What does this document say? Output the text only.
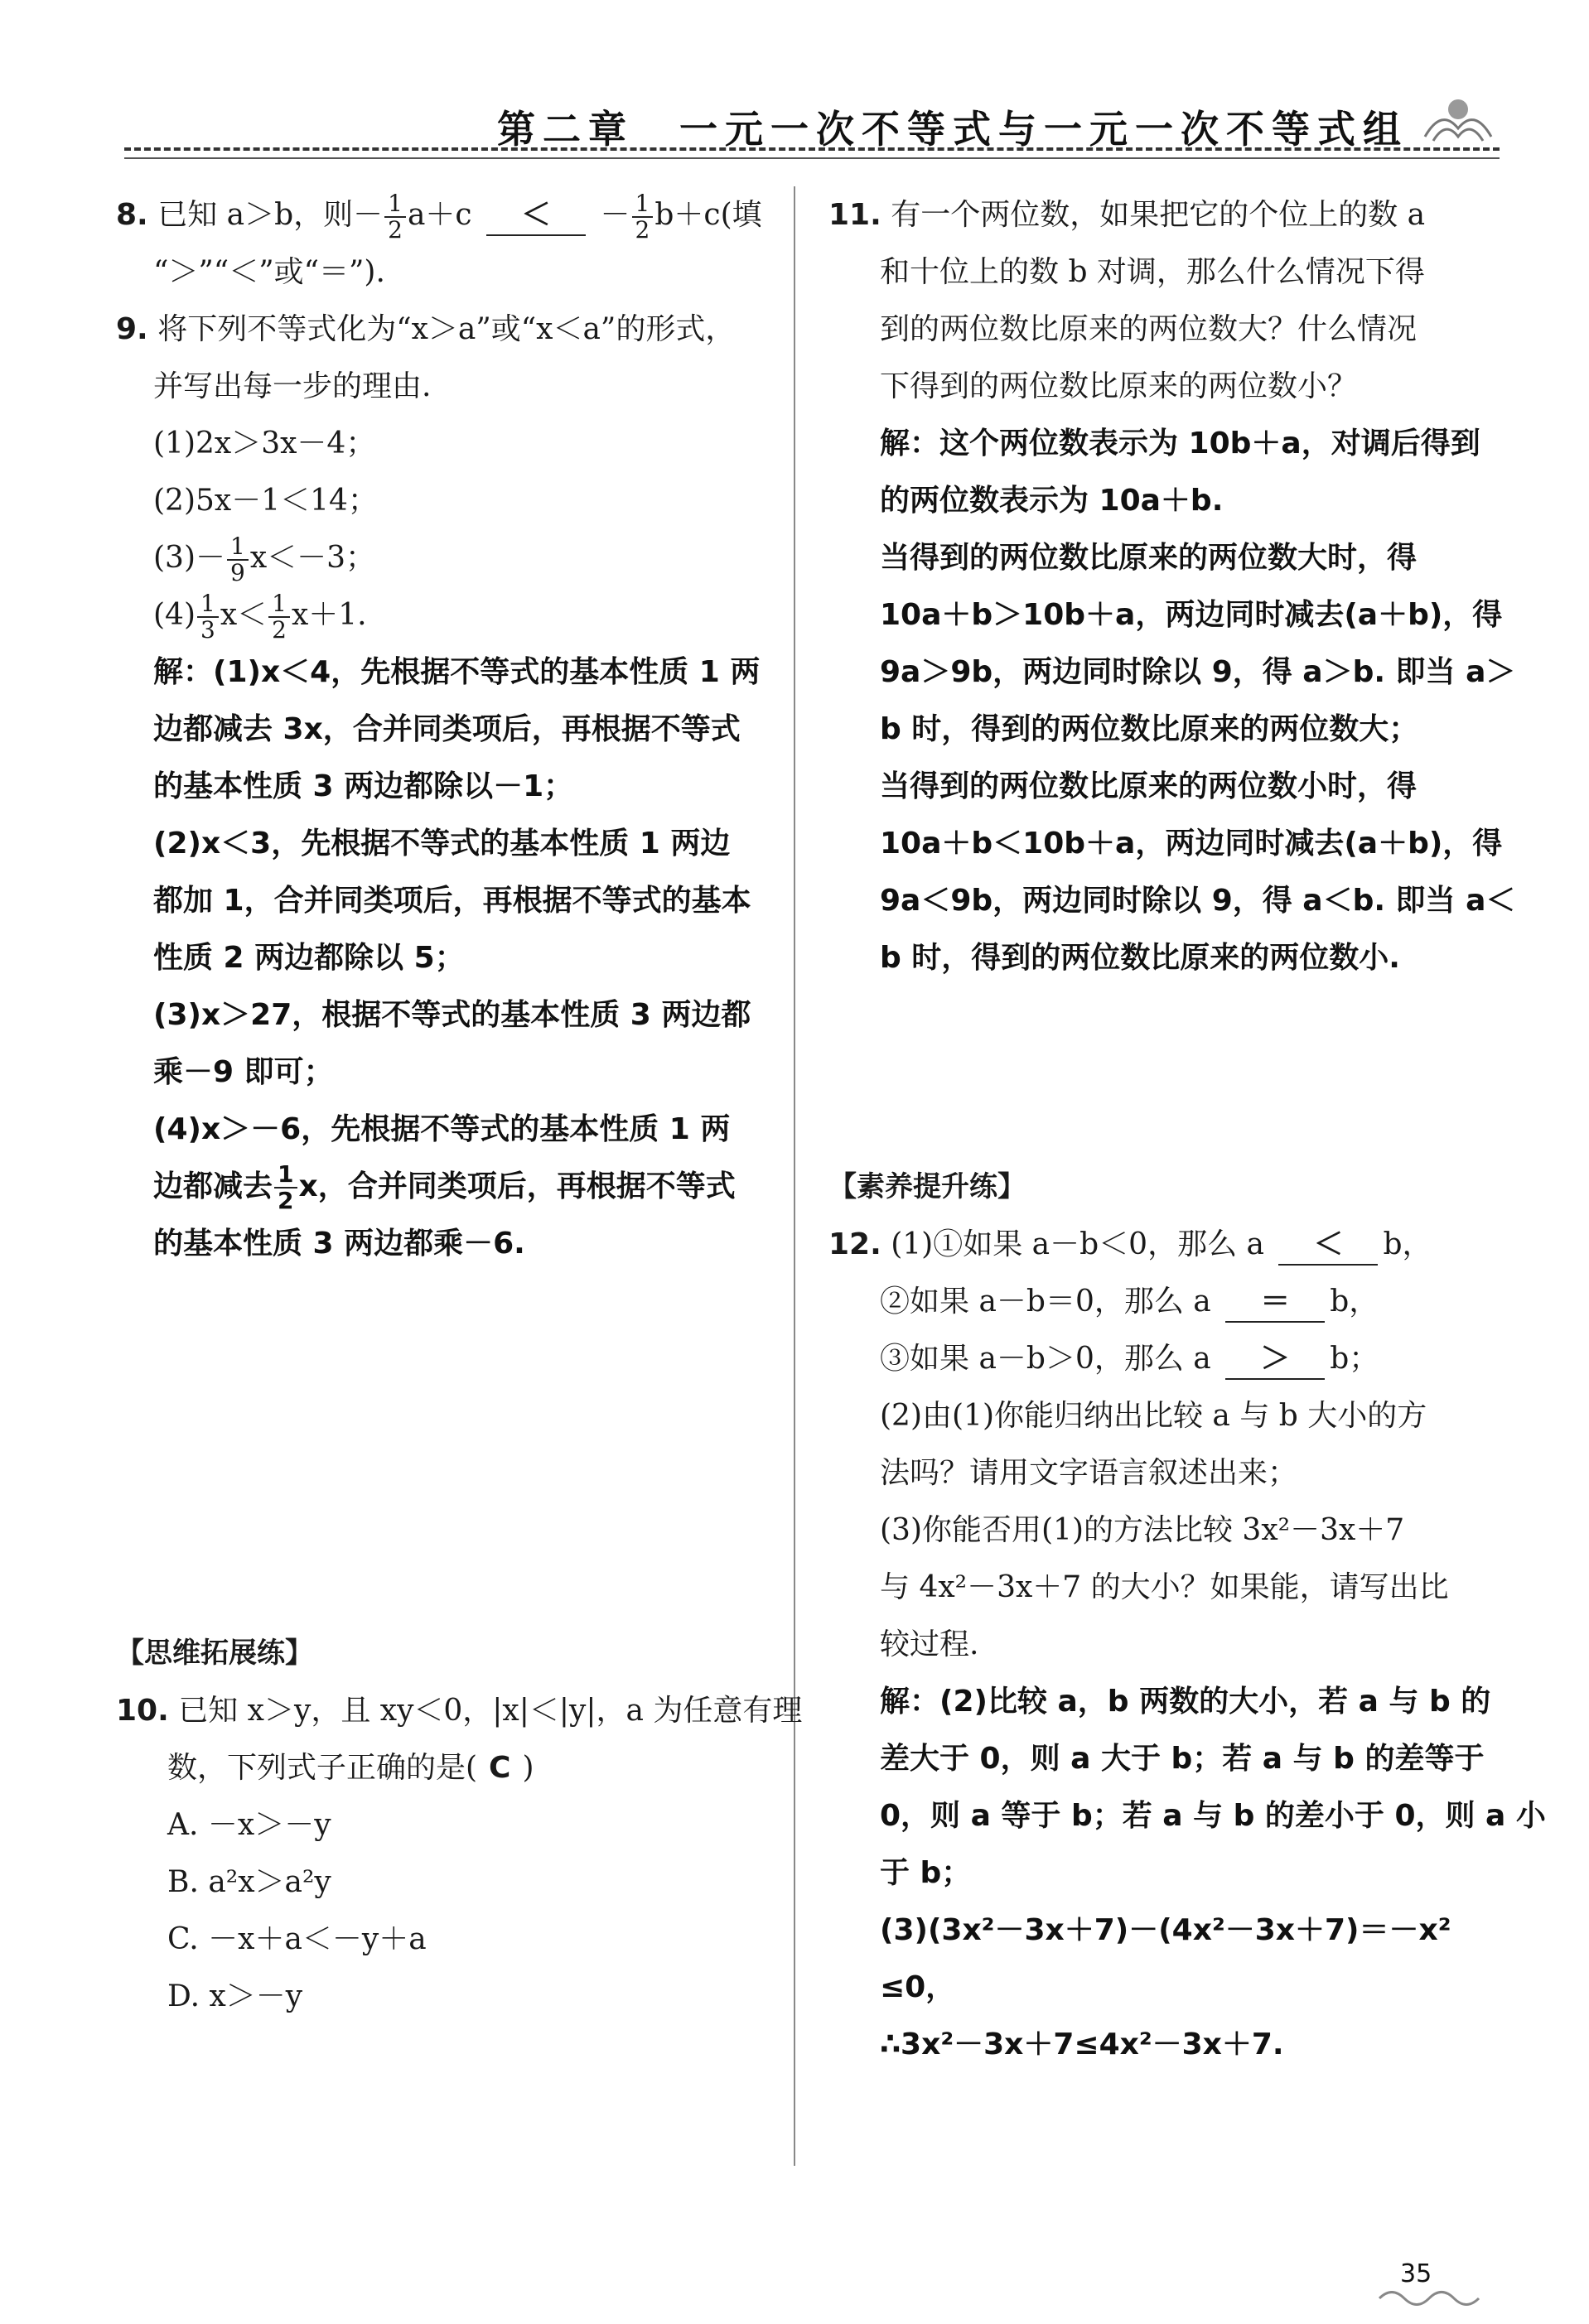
第二章　一元一次不等式与一元一次不等式组
8. 已知 a＞b，则－ $\frac{1}{2} a+c$ ＜ － $\frac{1}{2} b+c$(填
“＞”“＜”或“＝”).
9. 将下列不等式化为“x＞a”或“x＜a”的形式，
并写出每一步的理由.
(1)2x＞3x－4；
(2)5x－1＜14；
$(3)- \frac{1}{9} x<-3$；
$(4) \frac{1}{3} x< \frac{1}{2} x+1$.
解：(1)x＜4，先根据不等式的基本性质 1 两
边都减去 3x，合并同类项后，再根据不等式
的基本性质 3 两边都除以－1；
(2)x＜3，先根据不等式的基本性质 1 两边
都加 1，合并同类项后，再根据不等式的基本
性质 2 两边都除以 5；
(3)x＞27，根据不等式的基本性质 3 两边都
乘－9 即可；
(4)x＞－6，先根据不等式的基本性质 1 两
边都减去 $\frac{1}{2}$ x，合并同类项后，再根据不等式
的基本性质 3 两边都乘－6.
【思维拓展练】
10. 已知 x＞y，且 xy＜0，|x|＜|y|，a 为任意有理
数，下列式子正确的是( C )
A. －x＞－y
B. a²x＞a²y
C. －x＋a＜－y＋a
D. x＞－y
11. 有一个两位数，如果把它的个位上的数 a
和十位上的数 b 对调，那么什么情况下得
到的两位数比原来的两位数大？什么情况
下得到的两位数比原来的两位数小？
解：这个两位数表示为 10b＋a，对调后得到
的两位数表示为 10a＋b.
当得到的两位数比原来的两位数大时，得
10a＋b＞10b＋a，两边同时减去(a＋b)，得
9a＞9b，两边同时除以 9，得 a＞b. 即当 a＞
b 时，得到的两位数比原来的两位数大；
当得到的两位数比原来的两位数小时，得
10a＋b＜10b＋a，两边同时减去(a＋b)，得
9a＜9b，两边同时除以 9，得 a＜b. 即当 a＜
b 时，得到的两位数比原来的两位数小.
【素养提升练】
12. (1)①如果 a－b＜0，那么 a ＜ b，
②如果 a－b＝0，那么 a ＝ b，
③如果 a－b＞0，那么 a ＞ b；
(2)由(1)你能归纳出比较 a 与 b 大小的方
法吗？请用文字语言叙述出来；
(3)你能否用(1)的方法比较 3x²－3x＋7
与 4x²－3x＋7 的大小？如果能，请写出比
较过程.
解：(2)比较 a，b 两数的大小，若 a 与 b 的
差大于 0，则 a 大于 b；若 a 与 b 的差等于
0，则 a 等于 b；若 a 与 b 的差小于 0，则 a 小
于 b；
(3)(3x²－3x＋7)－(4x²－3x＋7)＝－x²
≤0，
∴3x²－3x＋7≤4x²－3x＋7.
35
